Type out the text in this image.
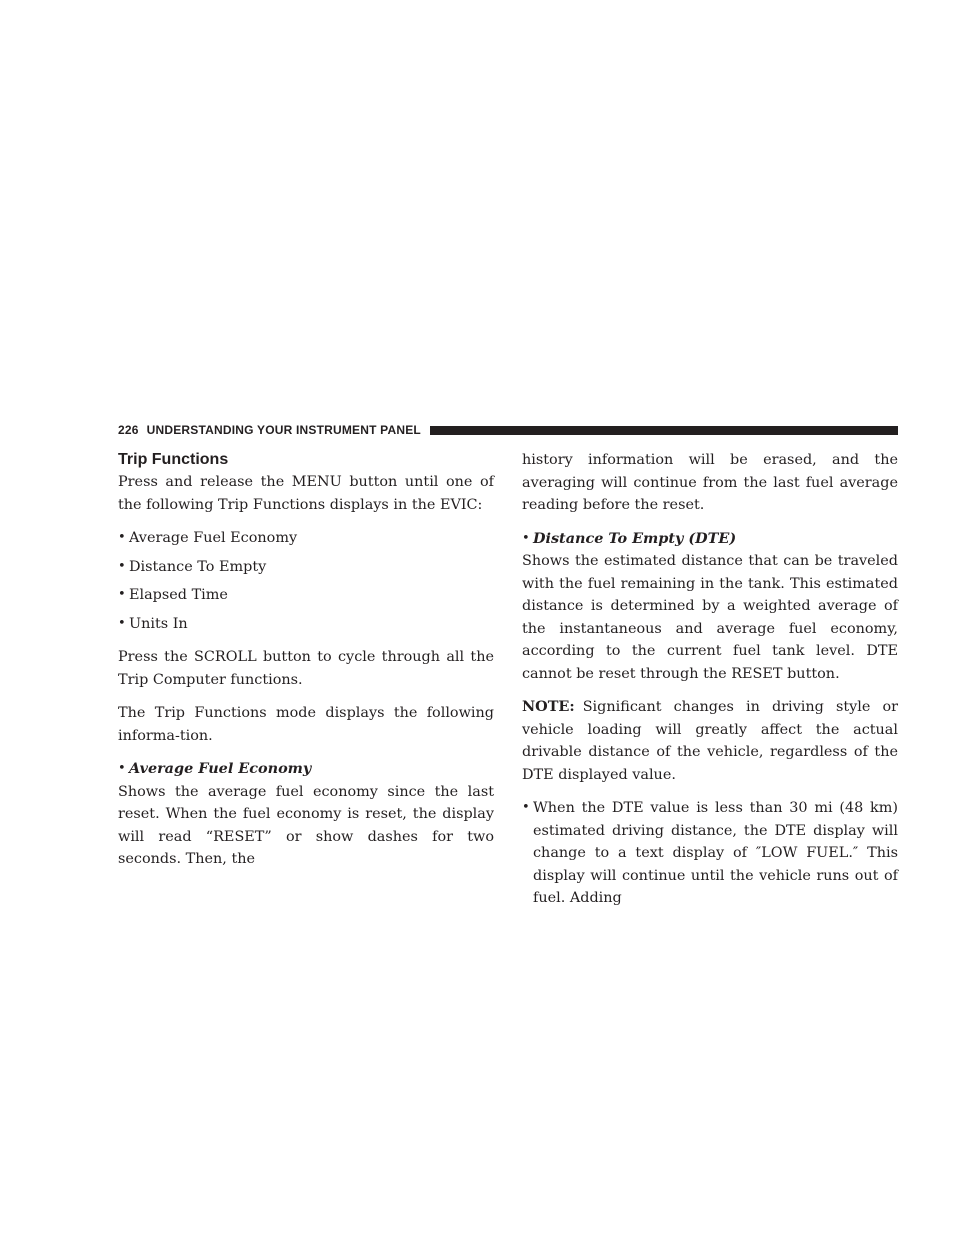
226 UNDERSTANDING YOUR INSTRUMENT PANEL
Trip Functions

Press and release the MENU button until one of the following Trip Functions displays in the EVIC:

• Average Fuel Economy
• Distance To Empty
• Elapsed Time
• Units In

Press the SCROLL button to cycle through all the Trip Computer functions.

The Trip Functions mode displays the following informa-tion.

• Average Fuel Economy

Shows the average fuel economy since the last reset. When the fuel economy is reset, the display will read “RESET” or show dashes for two seconds. Then, the

history information will be erased, and the averaging will continue from the last fuel average reading before the reset.

• Distance To Empty (DTE)

Shows the estimated distance that can be traveled with the fuel remaining in the tank. This estimated distance is determined by a weighted average of the instantaneous and average fuel economy, according to the current fuel tank level. DTE cannot be reset through the RESET button.

NOTE: Significant changes in driving style or vehicle loading will greatly affect the actual drivable distance of the vehicle, regardless of the DTE displayed value.

• When the DTE value is less than 30 mi (48 km) estimated driving distance, the DTE display will change to a text display of ″LOW FUEL.″ This display will continue until the vehicle runs out of fuel. Adding
